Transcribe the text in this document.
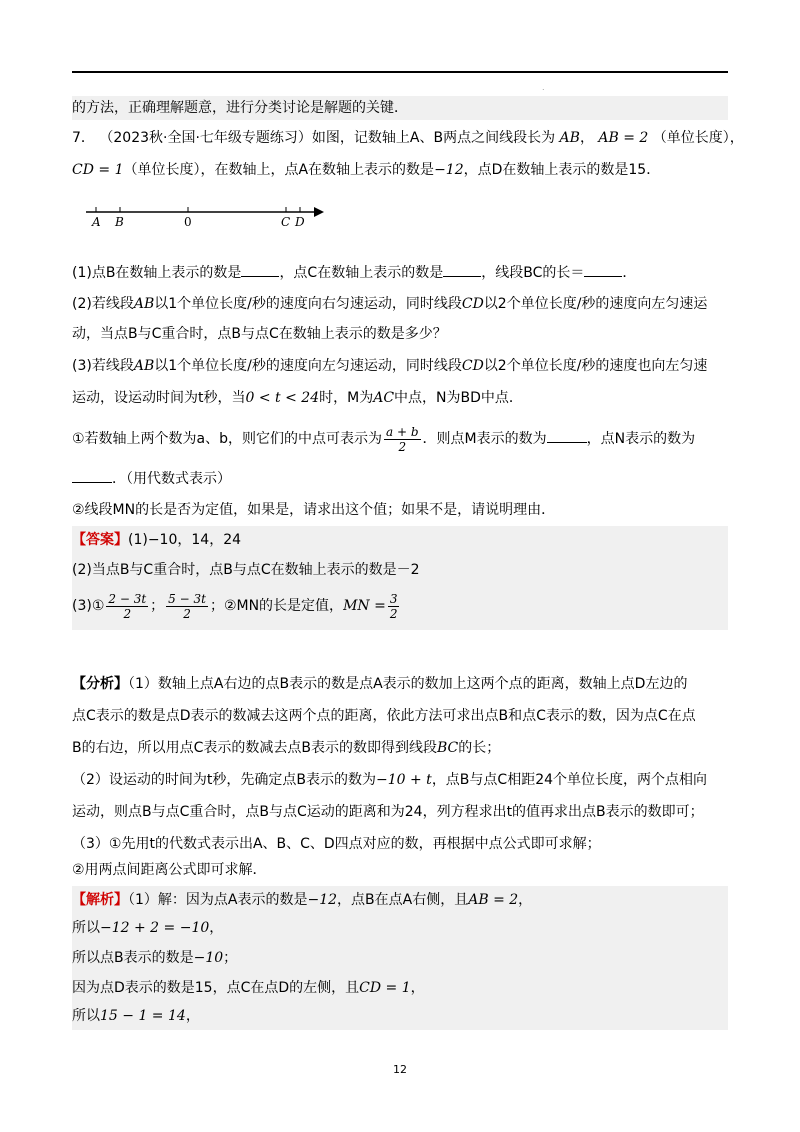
.
的方法，正确理解题意，进行分类讨论是解题的关键．
7． （2023秋·全国·七年级专题练习）如图，记数轴上A、B两点之间线段长为 AB， AB = 2 （单位长度），
CD = 1（单位长度），在数轴上，点A在数轴上表示的数是−12，点D在数轴上表示的数是15．
A B	0	C D
(1)点B在数轴上表示的数是	，点C在数轴上表示的数是	，线段BC的长＝	．
(2)若线段AB以1个单位长度/秒的速度向右匀速运动，同时线段CD以2个单位长度/秒的速度向左匀速运
动，当点B与C重合时，点B与点C在数轴上表示的数是多少？
(3)若线段AB以1个单位长度/秒的速度向左匀速运动，同时线段CD以2个单位长度/秒的速度也向左匀速
运动，设运动时间为t秒，当0 < t < 24时，M为AC中点，N为BD中点．
①若数轴上两个数为a、b，则它们的中点可表示为 $\frac{a + b}{2}$ ．则点M表示的数为	，点N表示的数为
．（用代数式表示）
②线段MN的长是否为定值，如果是，请求出这个值；如果不是，请说明理由．
【答案】(1)−10，14，24
(2)当点B与C重合时，点B与点C在数轴上表示的数是－2
(3)① $\frac{2 - 3t}{2}$ ； $\frac{5 - 3t}{2}$ ；②MN的长是定值，MN = $\frac{3}{2}$
【分析】（1）数轴上点A右边的点B表示的数是点A表示的数加上这两个点的距离，数轴上点D左边的
点C表示的数是点D表示的数减去这两个点的距离，依此方法可求出点B和点C表示的数，因为点C在点
B的右边，所以用点C表示的数减去点B表示的数即得到线段BC的长；
（2）设运动的时间为t秒，先确定点B表示的数为−10 + t，点B与点C相距24个单位长度，两个点相向
运动，则点B与点C重合时，点B与点C运动的距离和为24，列方程求出t的值再求出点B表示的数即可；
（3）①先用t的代数式表示出A、B、C、D四点对应的数，再根据中点公式即可求解；
②用两点间距离公式即可求解．
【解析】（1）解：因为点A表示的数是−12，点B在点A右侧，且AB = 2，
所以−12 + 2 = −10，
所以点B表示的数是−10；
因为点D表示的数是15，点C在点D的左侧，且CD = 1，
所以15 − 1 = 14，
12
